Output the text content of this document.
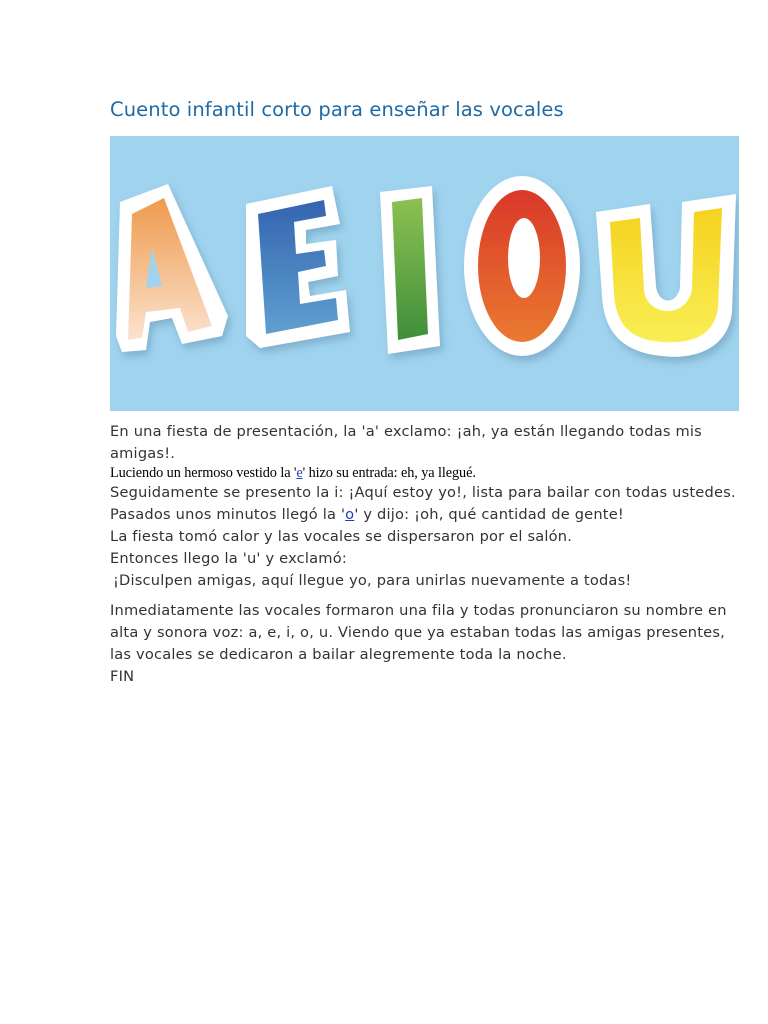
Cuento infantil corto para enseñar las vocales

En una fiesta de presentación, la 'a' exclamo: ¡ah, ya están llegando todas mis amigas!.

Luciendo un hermoso vestido la 'e' hizo su entrada: eh, ya llegué.

Seguidamente se presento la i: ¡Aquí estoy yo!, lista para bailar con todas ustedes.

Pasados unos minutos llegó la 'o' y dijo: ¡oh, qué cantidad de gente!

La fiesta tomó calor y las vocales se dispersaron por el salón.

Entonces llego la 'u' y exclamó:

¡Disculpen amigas, aquí llegue yo, para unirlas nuevamente a todas!

Inmediatamente las vocales formaron una fila y todas pronunciaron su nombre en alta y sonora voz: a, e, i, o, u. Viendo que ya estaban todas las amigas presentes, las vocales se dedicaron a bailar alegremente toda la noche.

FIN
